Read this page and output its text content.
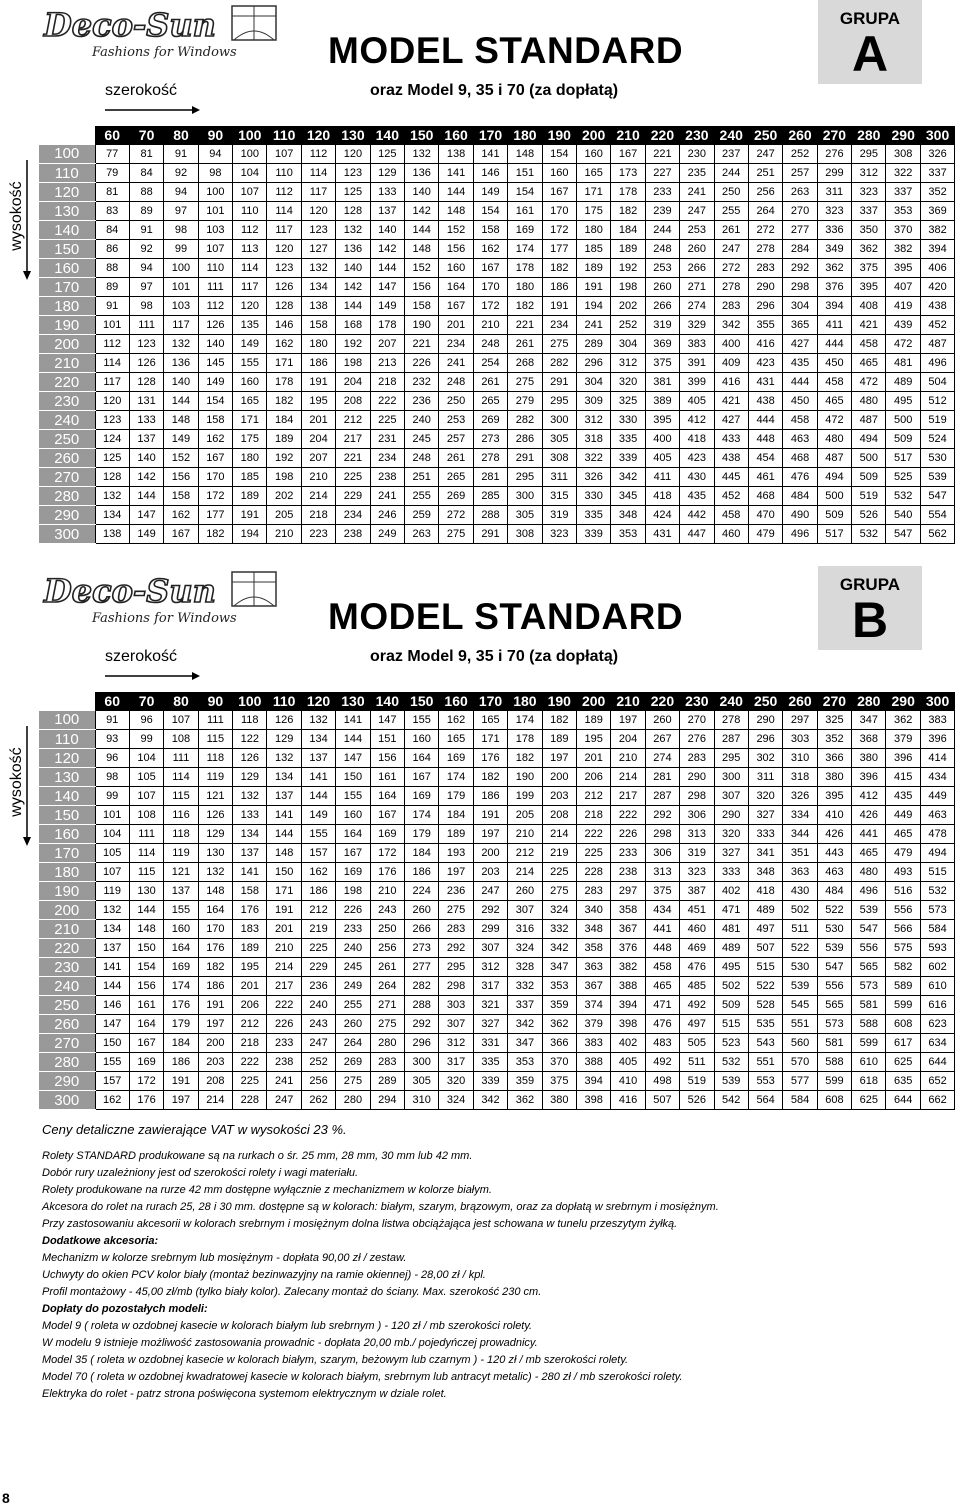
Deco-Sun
Fashions for Windows MODEL STANDARD
oraz Model 9, 35 i 70 (za dopłatą)
szerokość
GRUPA
A
wysokość
	60	70	80	90	100	110	120	130	140	150	160	170	180	190	200	210	220	230	240	250	260	270	280	290	300
100	77	81	91	94	100	107	112	120	125	132	138	141	148	154	160	167	221	230	237	247	252	276	295	308	326
110	79	84	92	98	104	110	114	123	129	136	141	146	151	160	165	173	227	235	244	251	257	299	312	322	337
120	81	88	94	100	107	112	117	125	133	140	144	149	154	167	171	178	233	241	250	256	263	311	323	337	352
130	83	89	97	101	110	114	120	128	137	142	148	154	161	170	175	182	239	247	255	264	270	323	337	353	369
140	84	91	98	103	112	117	123	132	140	144	152	158	169	172	180	184	244	253	261	272	277	336	350	370	382
150	86	92	99	107	113	120	127	136	142	148	156	162	174	177	185	189	248	260	247	278	284	349	362	382	394
160	88	94	100	110	114	123	132	140	144	152	160	167	178	182	189	192	253	266	272	283	292	362	375	395	406
170	89	97	101	111	117	126	134	142	147	156	164	170	180	186	191	198	260	271	278	290	298	376	395	407	420
180	91	98	103	112	120	128	138	144	149	158	167	172	182	191	194	202	266	274	283	296	304	394	408	419	438
190	101	111	117	126	135	146	158	168	178	190	201	210	221	234	241	252	319	329	342	355	365	411	421	439	452
200	112	123	132	140	149	162	180	192	207	221	234	248	261	275	289	304	369	383	400	416	427	444	458	472	487
210	114	126	136	145	155	171	186	198	213	226	241	254	268	282	296	312	375	391	409	423	435	450	465	481	496
220	117	128	140	149	160	178	191	204	218	232	248	261	275	291	304	320	381	399	416	431	444	458	472	489	504
230	120	131	144	154	165	182	195	208	222	236	250	265	279	295	309	325	389	405	421	438	450	465	480	495	512
240	123	133	148	158	171	184	201	212	225	240	253	269	282	300	312	330	395	412	427	444	458	472	487	500	519
250	124	137	149	162	175	189	204	217	231	245	257	273	286	305	318	335	400	418	433	448	463	480	494	509	524
260	125	140	152	167	180	192	207	221	234	248	261	278	291	308	322	339	405	423	438	454	468	487	500	517	530
270	128	142	156	170	185	198	210	225	238	251	265	281	295	311	326	342	411	430	445	461	476	494	509	525	539
280	132	144	158	172	189	202	214	229	241	255	269	285	300	315	330	345	418	435	452	468	484	500	519	532	547
290	134	147	162	177	191	205	218	234	246	259	272	288	305	319	335	348	424	442	458	470	490	509	526	540	554
300	138	149	167	182	194	210	223	238	249	263	275	291	308	323	339	353	431	447	460	479	496	517	532	547	562
Deco-Sun
Fashions for Windows MODEL STANDARD
oraz Model 9, 35 i 70 (za dopłatą)
szerokość
GRUPA
B
wysokość
	60	70	80	90	100	110	120	130	140	150	160	170	180	190	200	210	220	230	240	250	260	270	280	290	300
100	91	96	107	111	118	126	132	141	147	155	162	165	174	182	189	197	260	270	278	290	297	325	347	362	383
110	93	99	108	115	122	129	134	144	151	160	165	171	178	189	195	204	267	276	287	296	303	352	368	379	396
120	96	104	111	118	126	132	137	147	156	164	169	176	182	197	201	210	274	283	295	302	310	366	380	396	414
130	98	105	114	119	129	134	141	150	161	167	174	182	190	200	206	214	281	290	300	311	318	380	396	415	434
140	99	107	115	121	132	137	144	155	164	169	179	186	199	203	212	217	287	298	307	320	326	395	412	435	449
150	101	108	116	126	133	141	149	160	167	174	184	191	205	208	218	222	292	306	290	327	334	410	426	449	463
160	104	111	118	129	134	144	155	164	169	179	189	197	210	214	222	226	298	313	320	333	344	426	441	465	478
170	105	114	119	130	137	148	157	167	172	184	193	200	212	219	225	233	306	319	327	341	351	443	465	479	494
180	107	115	121	132	141	150	162	169	176	186	197	203	214	225	228	238	313	323	333	348	363	463	480	493	515
190	119	130	137	148	158	171	186	198	210	224	236	247	260	275	283	297	375	387	402	418	430	484	496	516	532
200	132	144	155	164	176	191	212	226	243	260	275	292	307	324	340	358	434	451	471	489	502	522	539	556	573
210	134	148	160	170	183	201	219	233	250	266	283	299	316	332	348	367	441	460	481	497	511	530	547	566	584
220	137	150	164	176	189	210	225	240	256	273	292	307	324	342	358	376	448	469	489	507	522	539	556	575	593
230	141	154	169	182	195	214	229	245	261	277	295	312	328	347	363	382	458	476	495	515	530	547	565	582	602
240	144	156	174	186	201	217	236	249	264	282	298	317	332	353	367	388	465	485	502	522	539	556	573	589	610
250	146	161	176	191	206	222	240	255	271	288	303	321	337	359	374	394	471	492	509	528	545	565	581	599	616
260	147	164	179	197	212	226	243	260	275	292	307	327	342	362	379	398	476	497	515	535	551	573	588	608	623
270	150	167	184	200	218	233	247	264	280	296	312	331	347	366	383	402	483	505	523	543	560	581	599	617	634
280	155	169	186	203	222	238	252	269	283	300	317	335	353	370	388	405	492	511	532	551	570	588	610	625	644
290	157	172	191	208	225	241	256	275	289	305	320	339	359	375	394	410	498	519	539	553	577	599	618	635	652
300	162	176	197	214	228	247	262	280	294	310	324	342	362	380	398	416	507	526	542	564	584	608	625	644	662
Ceny detaliczne zawierające VAT w wysokości 23 %.
Rolety STANDARD produkowane są na rurkach o śr. 25 mm, 28 mm, 30 mm lub 42 mm.
Dobór rury uzależniony jest od szerokości rolety i wagi materiału.
Rolety produkowane na rurze 42 mm dostępne wyłącznie z mechanizmem w kolorze białym.
Akcesora do rolet na rurach 25, 28 i 30 mm. dostępne są w kolorach: białym, szarym, brązowym, oraz za dopłatą w srebrnym i mosiężnym.
Przy zastosowaniu akcesorii w kolorach srebrnym i mosiężnym dolna listwa obciążająca jest schowana w tunelu przeszytym żyłką.
Dodatkowe akcesoria:
Mechanizm w kolorze srebrnym lub mosiężnym - dopłata 90,00 zł / zestaw.
Uchwyty do okien PCV kolor biały (montaż bezinwazyjny na ramie okiennej) - 28,00 zł / kpl.
Profil montażowy - 45,00 zł/mb (tylko biały kolor). Zalecany montaż do ściany. Max. szerokość 230 cm.
Dopłaty do pozostałych modeli:
Model 9 ( roleta w ozdobnej kasecie w kolorach białym lub srebrnym ) - 120 zł / mb szerokości rolety.
W modelu 9 istnieje możliwość zastosowania prowadnic - dopłata 20,00 mb./ pojedyńczej prowadnicy.
Model 35 ( roleta w ozdobnej kasecie w kolorach białym, szarym, beżowym lub czarnym ) - 120 zł / mb szerokości rolety.
Model 70 ( roleta w ozdobnej kwadratowej kasecie w kolorach białym, srebrnym lub antracyt metalic) - 280 zł / mb szerokości rolety.
Elektryka do rolet - patrz strona poświęcona systemom elektrycznym w dziale rolet.
8
